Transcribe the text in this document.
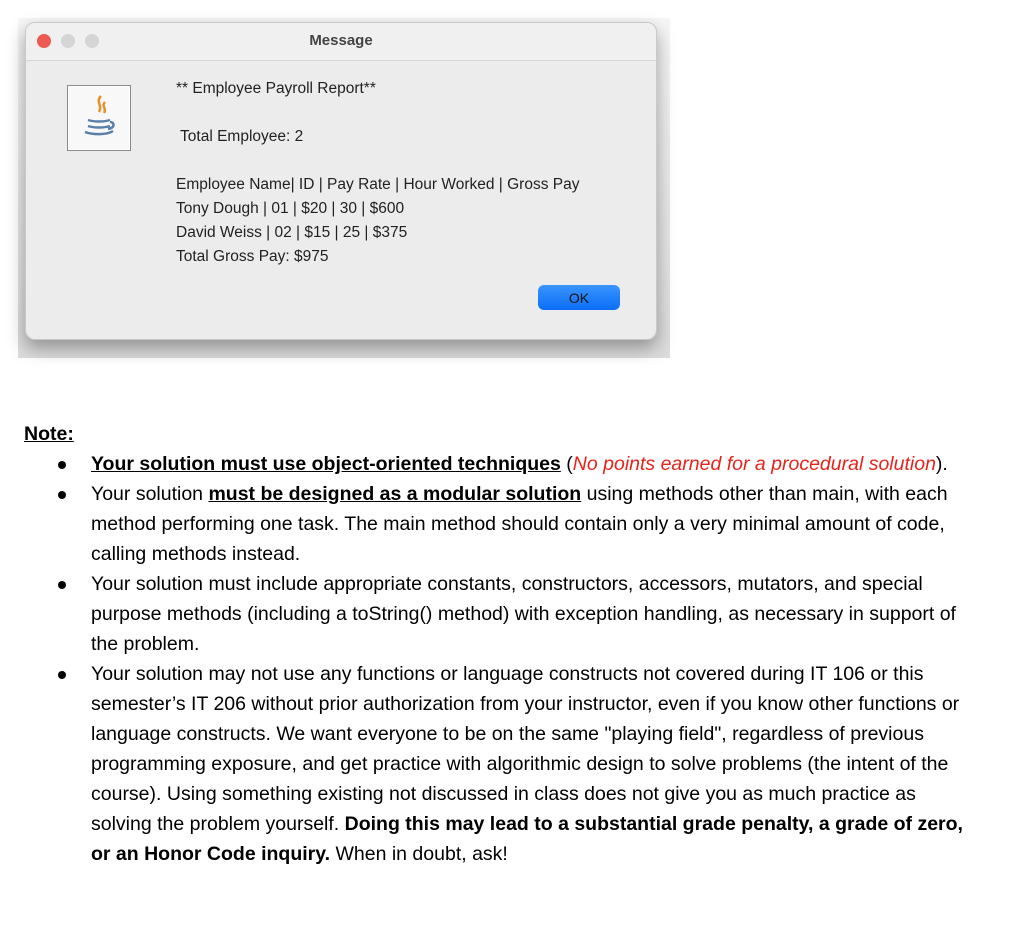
Message
** Employee Payroll Report**
Total Employee: 2
Employee Name| ID | Pay Rate | Hour Worked | Gross Pay
Tony Dough | 01 | $20 | 30 | $600
David Weiss | 02 | $15 | 25 | $375
Total Gross Pay: $975
OK
Note:
Your solution must use object-oriented techniques (No points earned for a procedural solution).
Your solution must be designed as a modular solution using methods other than main, with each method performing one task. The main method should contain only a very minimal amount of code, calling methods instead.
Your solution must include appropriate constants, constructors, accessors, mutators, and special purpose methods (including a toString() method) with exception handling, as necessary in support of the problem.
Your solution may not use any functions or language constructs not covered during IT 106 or this semester’s IT 206 without prior authorization from your instructor, even if you know other functions or language constructs. We want everyone to be on the same "playing field", regardless of previous programming exposure, and get practice with algorithmic design to solve problems (the intent of the course). Using something existing not discussed in class does not give you as much practice as solving the problem yourself. Doing this may lead to a substantial grade penalty, a grade of zero, or an Honor Code inquiry. When in doubt, ask!
